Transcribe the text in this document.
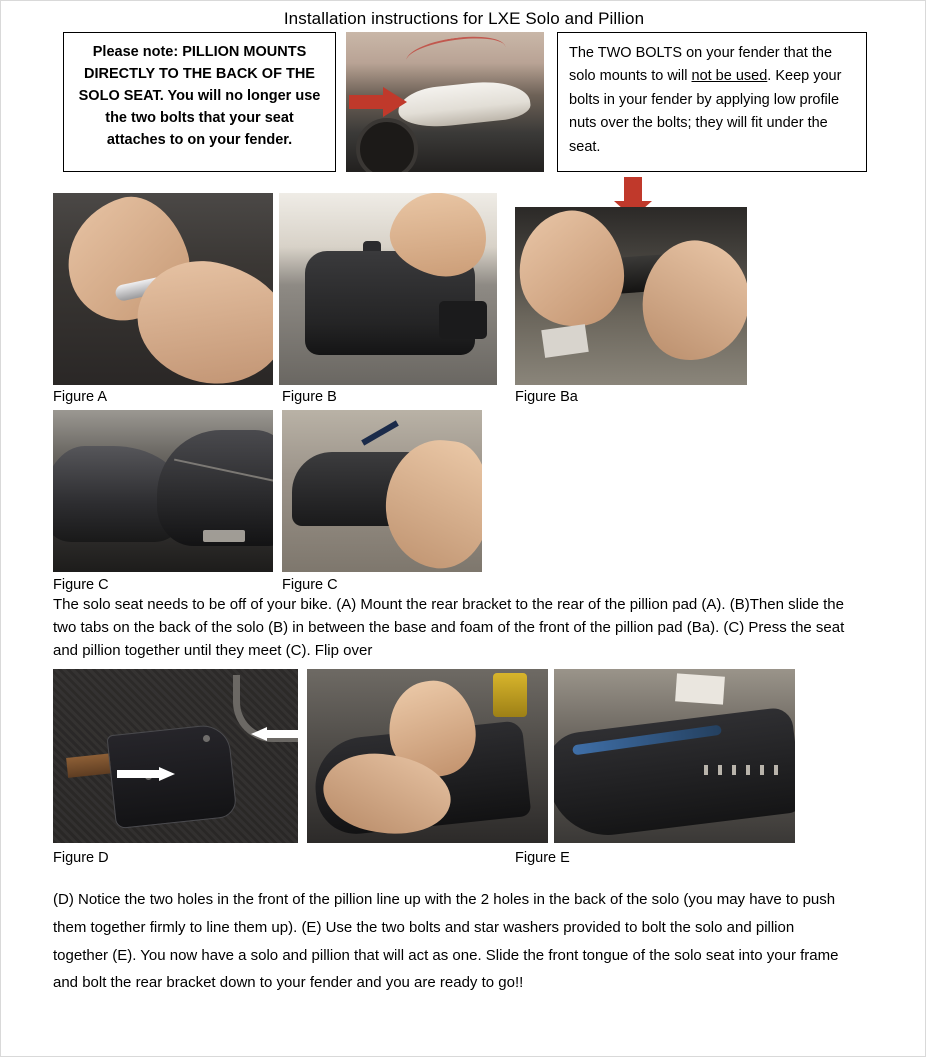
Installation instructions for LXE Solo and Pillion
Please note: PILLION MOUNTS DIRECTLY TO THE BACK OF THE SOLO SEAT. You will no longer use the two bolts that your seat attaches to on your fender.
The TWO BOLTS on your fender that the solo mounts to will not be used. Keep your bolts in your fender by applying low profile nuts over the bolts; they will fit under the seat.
Figure A	Figure B	Figure Ba
Figure C	Figure C
The solo seat needs to be off of your bike. (A) Mount the rear bracket to the rear of the pillion pad (A). (B)Then slide the two tabs on the back of the solo (B) in between the base and foam of the front of the pillion pad (Ba). (C) Press the seat and pillion together until they meet (C). Flip over
Figure D	Figure E
(D) Notice the two holes in the front of the pillion line up with the 2 holes in the back of the solo (you may have to push them together firmly to line them up). (E) Use the two bolts and star washers provided to bolt the solo and pillion together (E). You now have a solo and pillion that will act as one. Slide the front tongue of the solo seat into your frame and bolt the rear bracket down to your fender and you are ready to go!!
